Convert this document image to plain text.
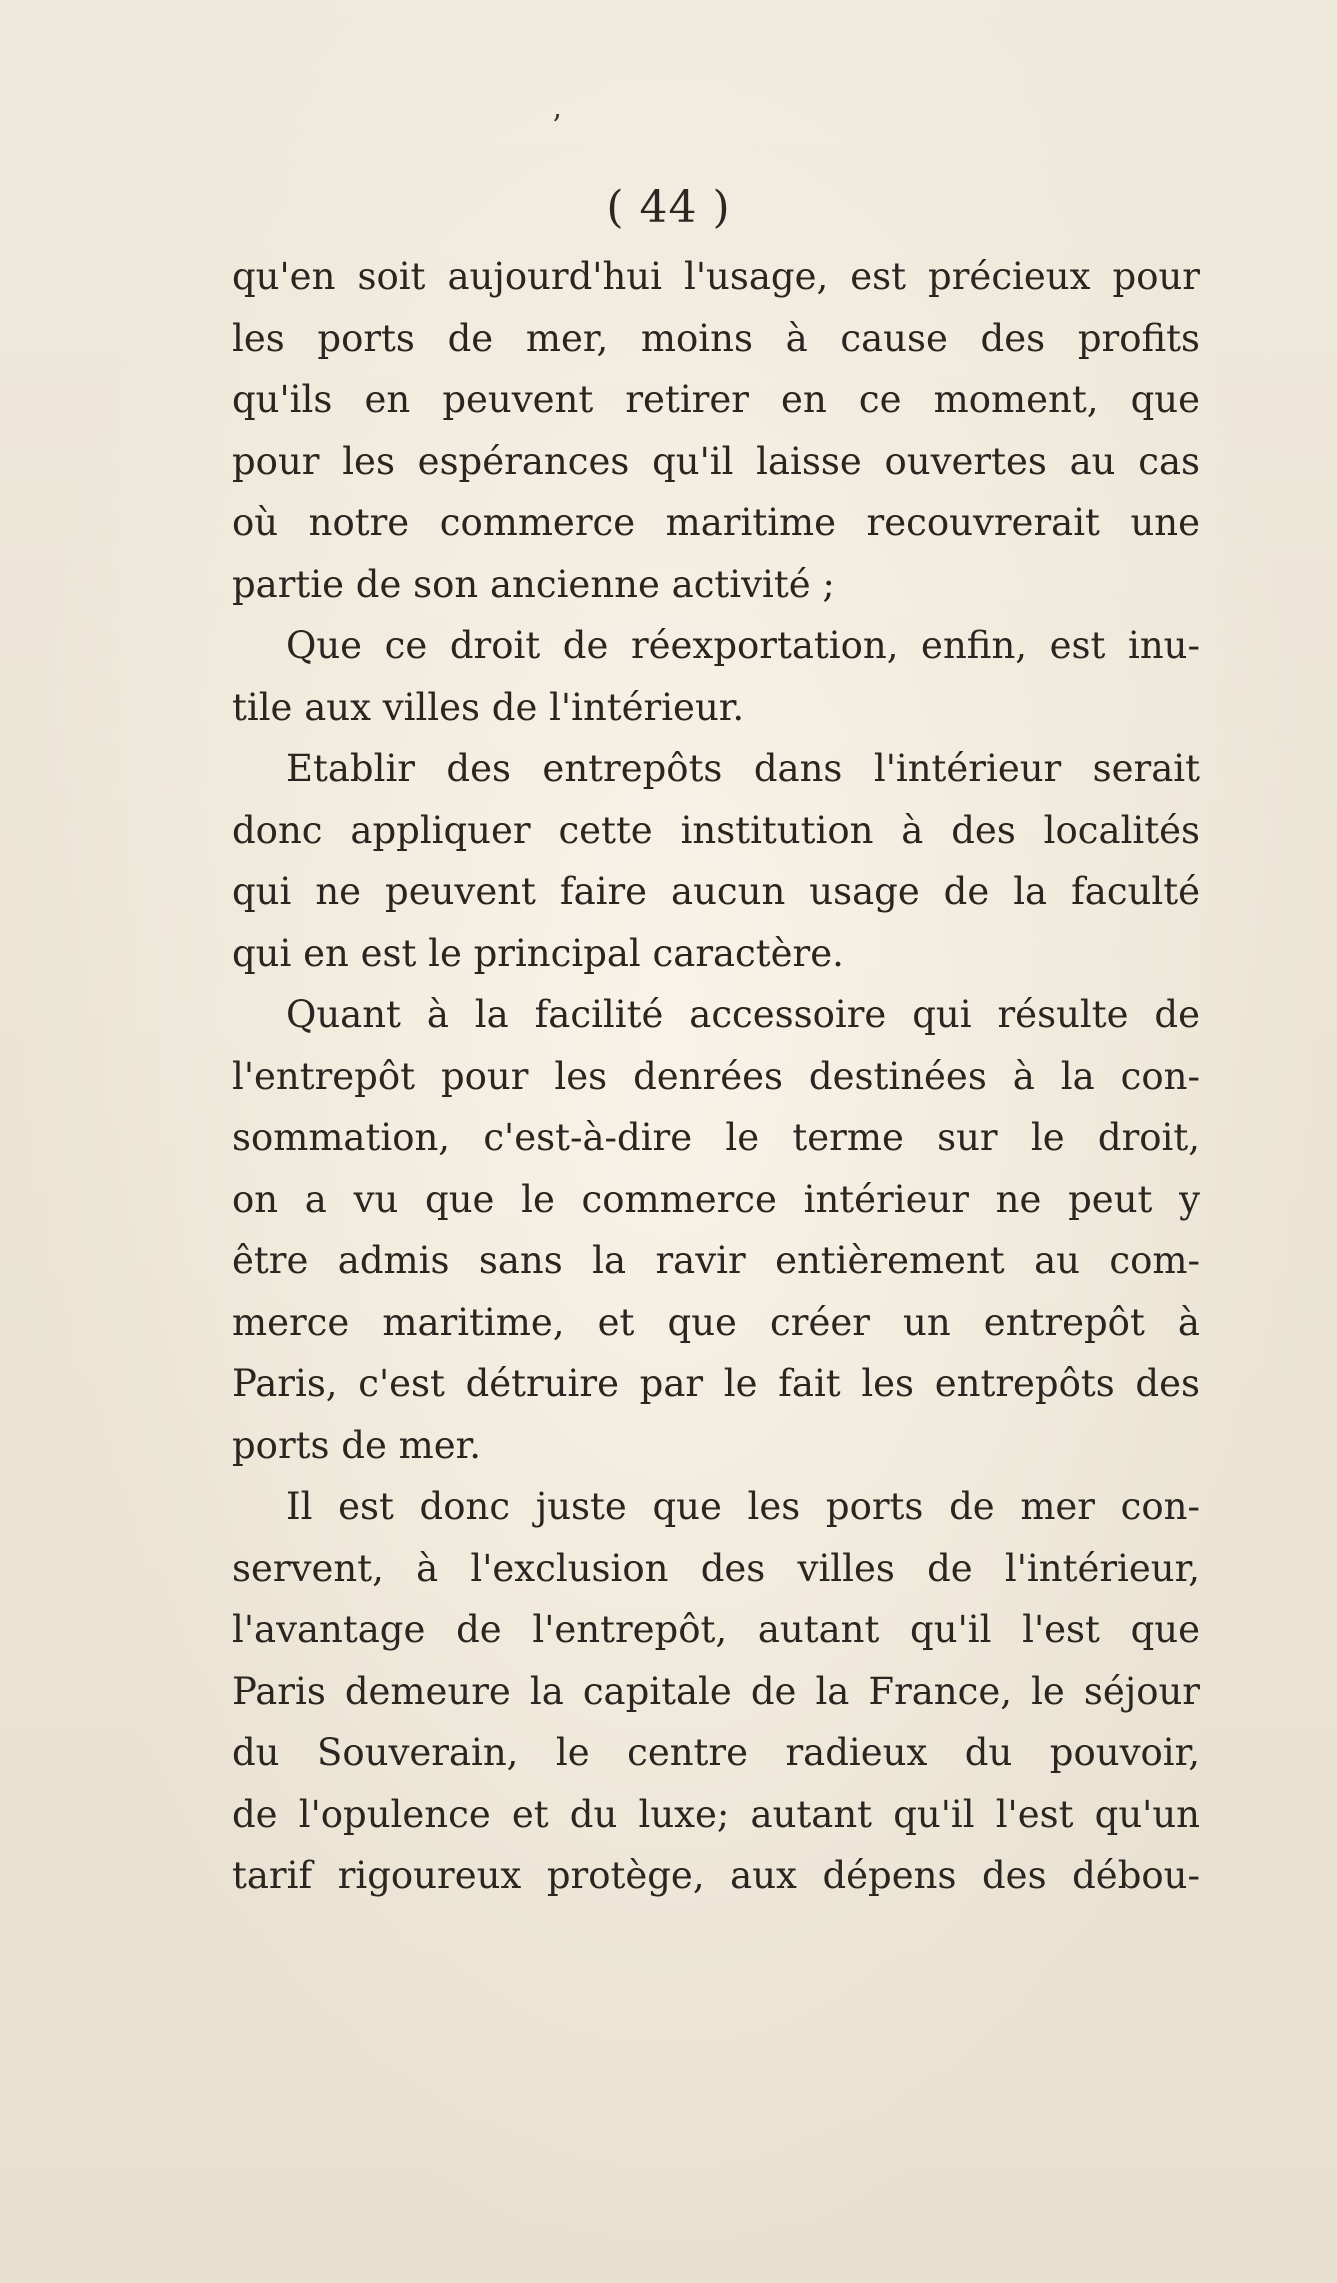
’
( 44 )
qu'en soit aujourd'hui l'usage, est précieux pour
les ports de mer, moins à cause des profits
qu'ils en peuvent retirer en ce moment, que
pour les espérances qu'il laisse ouvertes au cas
où notre commerce maritime recouvrerait une
partie de son ancienne activité ;
Que ce droit de réexportation, enfin, est inu-
tile aux villes de l'intérieur.
Etablir des entrepôts dans l'intérieur serait
donc appliquer cette institution à des localités
qui ne peuvent faire aucun usage de la faculté
qui en est le principal caractère.
Quant à la facilité accessoire qui résulte de
l'entrepôt pour les denrées destinées à la con-
sommation, c'est-à-dire le terme sur le droit,
on a vu que le commerce intérieur ne peut y
être admis sans la ravir entièrement au com-
merce maritime, et que créer un entrepôt à
Paris, c'est détruire par le fait les entrepôts des
ports de mer.
Il est donc juste que les ports de mer con-
servent, à l'exclusion des villes de l'intérieur,
l'avantage de l'entrepôt, autant qu'il l'est que
Paris demeure la capitale de la France, le séjour
du Souverain, le centre radieux du pouvoir,
de l'opulence et du luxe; autant qu'il l'est qu'un
tarif rigoureux protège, aux dépens des débou-
